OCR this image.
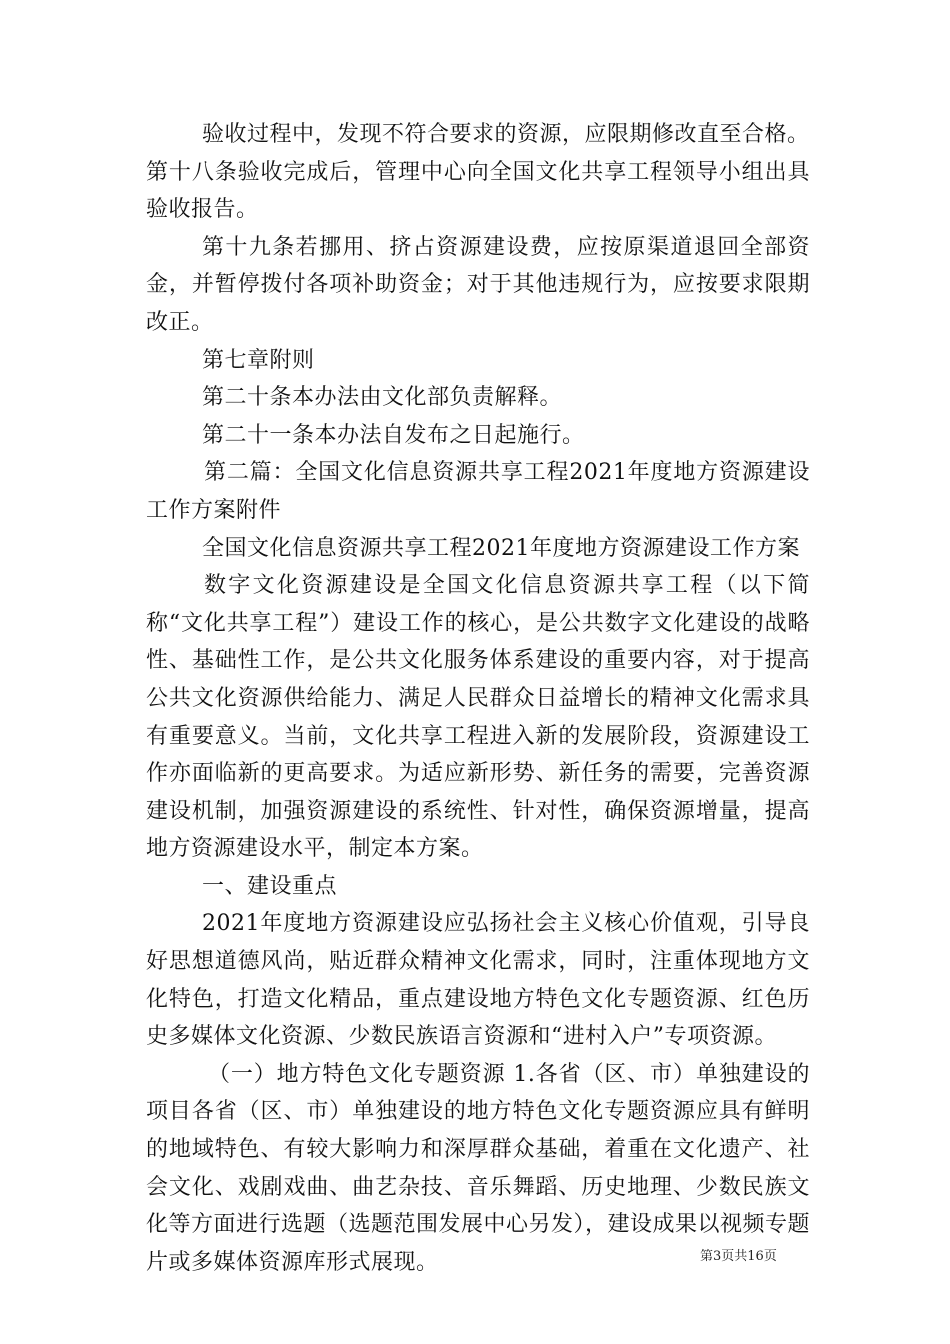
验收过程中，发现不符合要求的资源，应限期修改直至合格。

第十八条验收完成后，管理中心向全国文化共享工程领导小组出具验收报告。

第十九条若挪用、挤占资源建设费，应按原渠道退回全部资金，并暂停拨付各项补助资金；对于其他违规行为，应按要求限期改正。

第七章附则

第二十条本办法由文化部负责解释。

第二十一条本办法自发布之日起施行。

第二篇：全国文化信息资源共享工程2021年度地方资源建设工作方案附件

全国文化信息资源共享工程2021年度地方资源建设工作方案

数字文化资源建设是全国文化信息资源共享工程（以下简称“文化共享工程”）建设工作的核心，是公共数字文化建设的战略性、基础性工作，是公共文化服务体系建设的重要内容，对于提高公共文化资源供给能力、满足人民群众日益增长的精神文化需求具有重要意义。当前，文化共享工程进入新的发展阶段，资源建设工作亦面临新的更高要求。为适应新形势、新任务的需要，完善资源建设机制，加强资源建设的系统性、针对性，确保资源增量，提高地方资源建设水平，制定本方案。

一、建设重点

2021年度地方资源建设应弘扬社会主义核心价值观，引导良好思想道德风尚，贴近群众精神文化需求，同时，注重体现地方文化特色，打造文化精品，重点建设地方特色文化专题资源、红色历史多媒体文化资源、少数民族语言资源和“进村入户”专项资源。

（一）地方特色文化专题资源 1.各省（区、市）单独建设的项目各省（区、市）单独建设的地方特色文化专题资源应具有鲜明的地域特色、有较大影响力和深厚群众基础，着重在文化遗产、社会文化、戏剧戏曲、曲艺杂技、音乐舞蹈、历史地理、少数民族文化等方面进行选题（选题范围发展中心另发），建设成果以视频专题片或多媒体资源库形式展现。	第3页共16页
